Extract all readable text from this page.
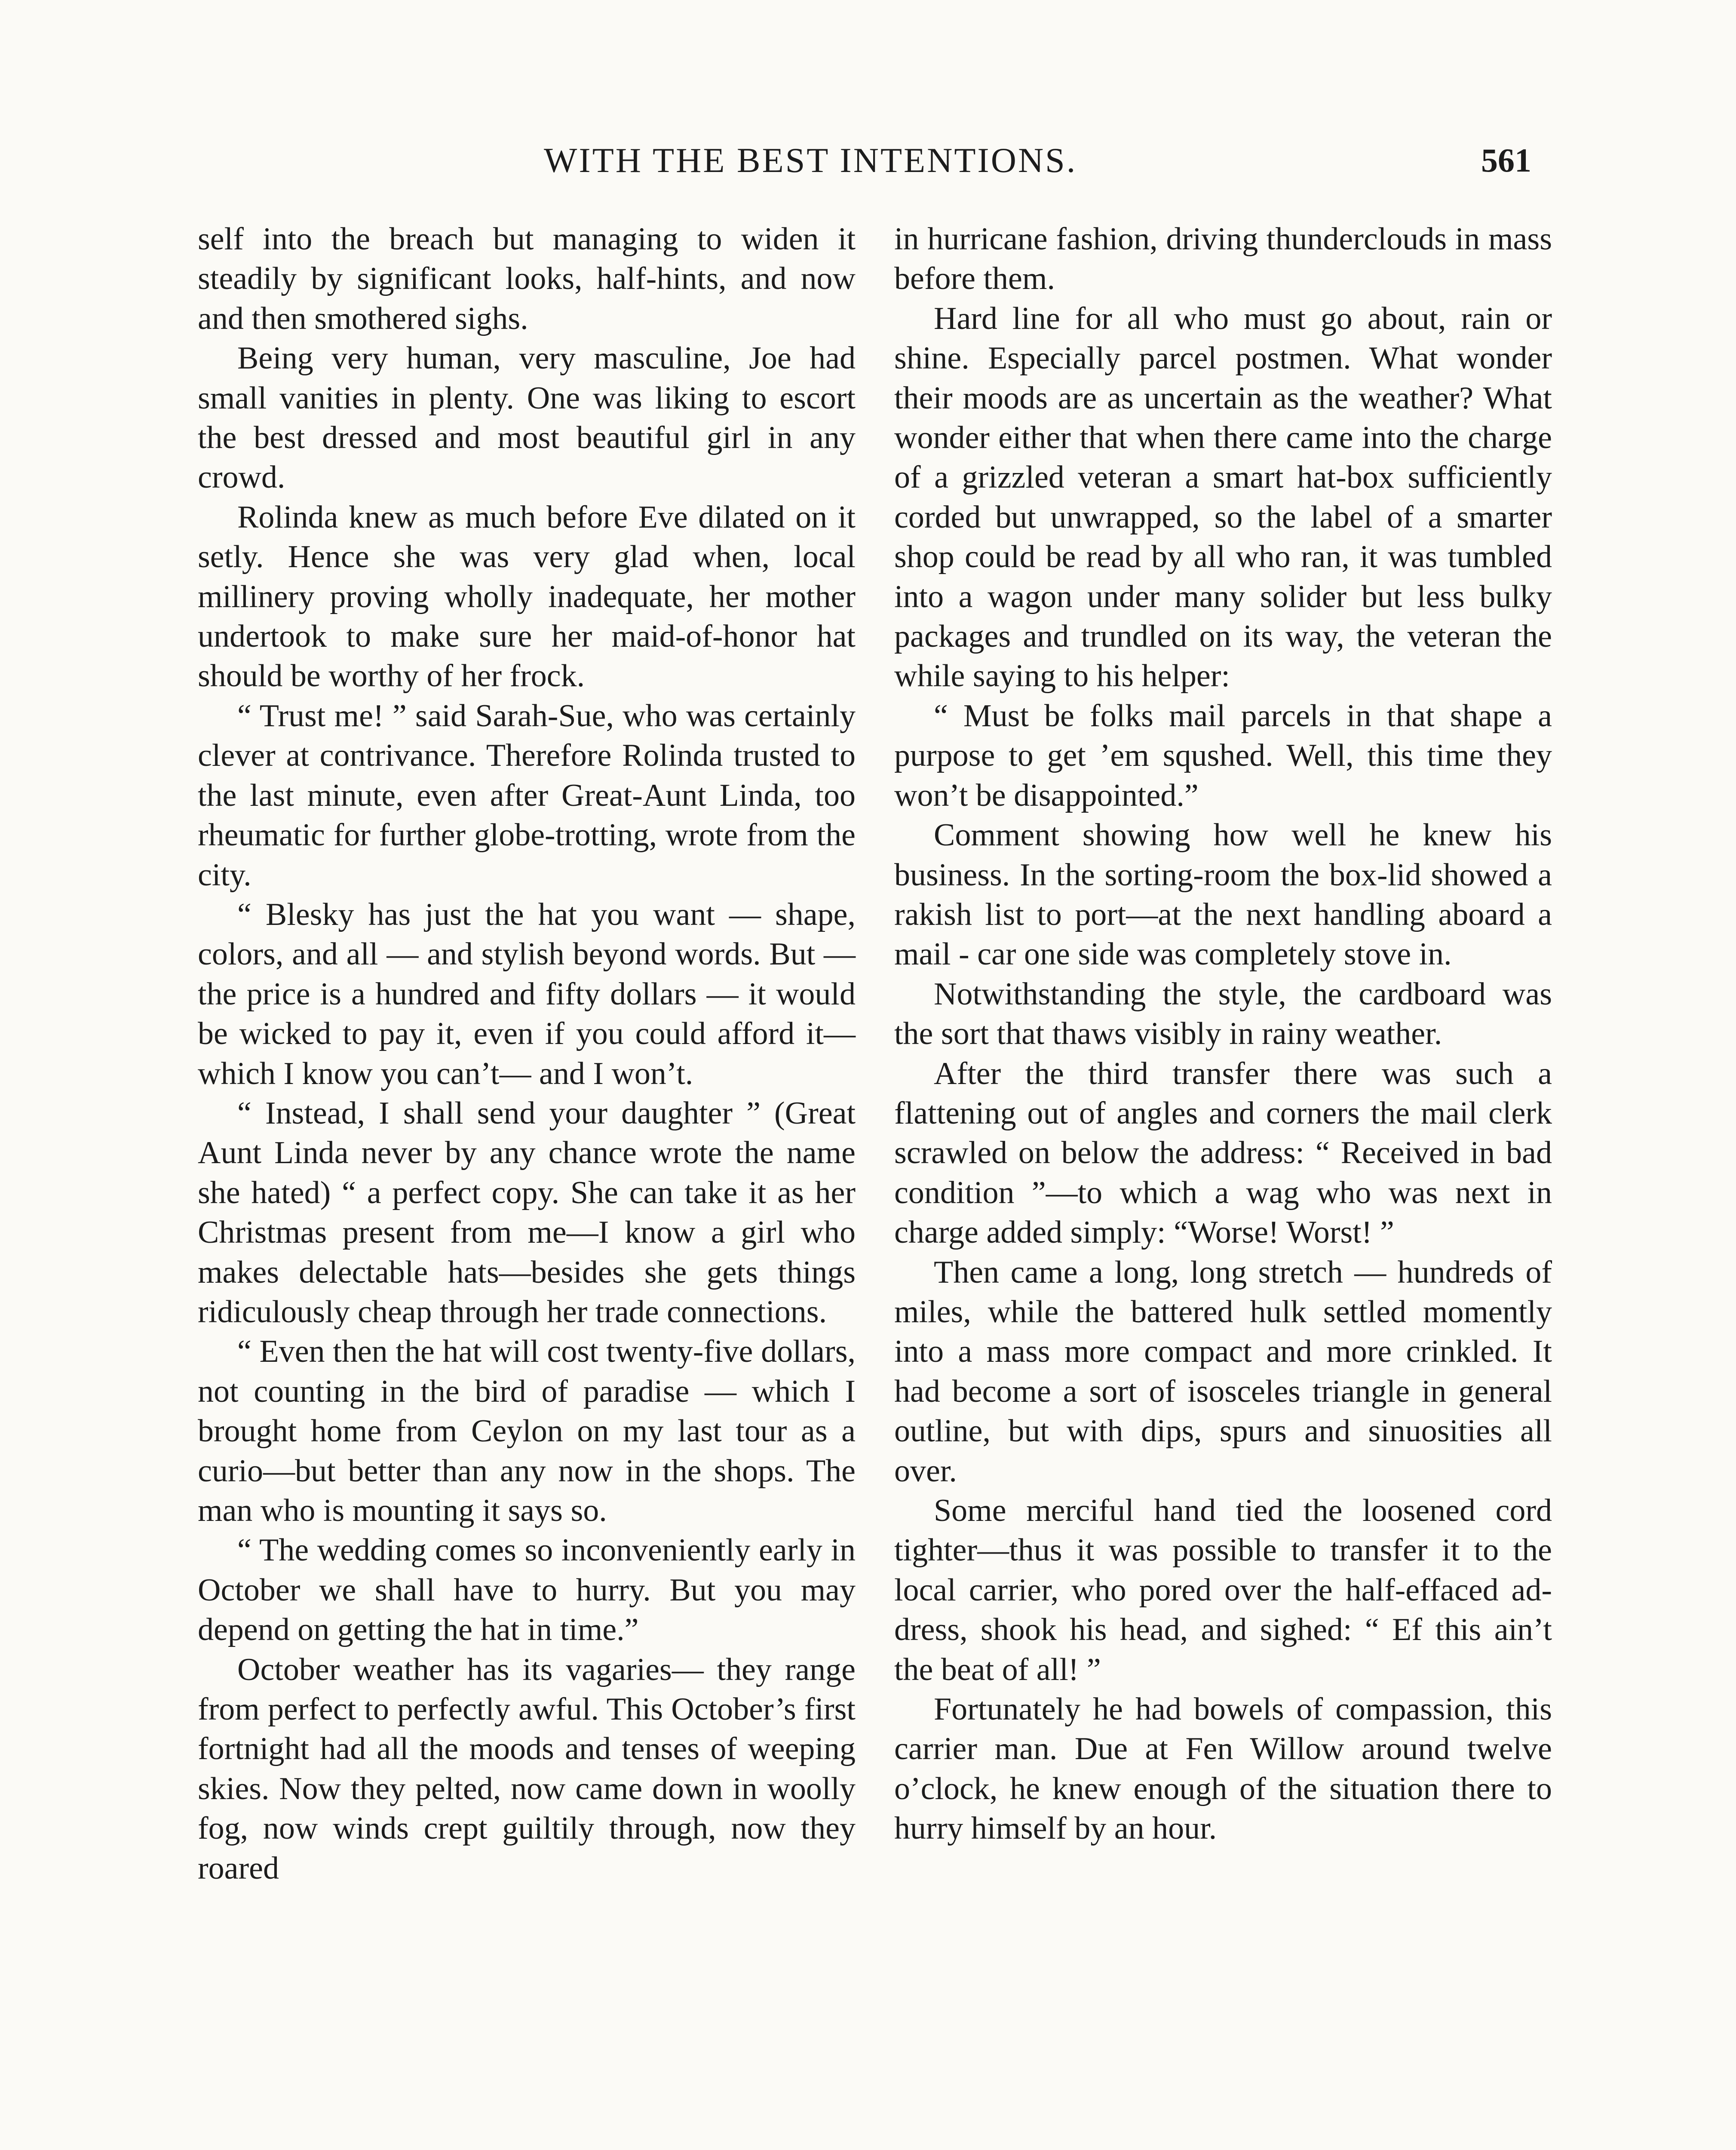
WITH THE BEST INTENTIONS.	561

self into the breach but managing to widen it steadily by significant looks, half-hints, and now and then smothered sighs.

Being very human, very masculine, Joe had small vanities in plenty. One was liking to escort the best dressed and most beautiful girl in any crowd.

Rolinda knew as much before Eve dilated on it setly. Hence she was very glad when, local millinery proving wholly inadequate, her mother undertook to make sure her maid-of-honor hat should be worthy of her frock.

“ Trust me! ” said Sarah-Sue, who was certainly clever at contrivance. Therefore Rolinda trusted to the last minute, even after Great-Aunt Linda, too rheumatic for further globe-trotting, wrote from the city.

“ Blesky has just the hat you want — shape, colors, and all — and stylish beyond words. But — the price is a hundred and fifty dollars — it would be wicked to pay it, even if you could afford it—which I know you can’t— and I won’t.

“ Instead, I shall send your daughter ” (Great Aunt Linda never by any chance wrote the name she hated) “ a perfect copy. She can take it as her Christmas present from me—I know a girl who makes delectable hats—besides she gets things ridiculously cheap through her trade connections.

“ Even then the hat will cost twenty-five dollars, not counting in the bird of paradise — which I brought home from Ceylon on my last tour as a curio—but better than any now in the shops. The man who is mounting it says so.

“ The wedding comes so inconveniently early in October we shall have to hurry. But you may depend on getting the hat in time.”

October weather has its vagaries— they range from perfect to perfectly awful. This October’s first fortnight had all the moods and tenses of weeping skies. Now they pelted, now came down in woolly fog, now winds crept guiltily through, now they roared

in hurricane fashion, driving thunderclouds in mass before them.

Hard line for all who must go about, rain or shine. Especially parcel postmen. What wonder their moods are as uncertain as the weather? What wonder either that when there came into the charge of a grizzled veteran a smart hat-box sufficiently corded but unwrapped, so the label of a smarter shop could be read by all who ran, it was tumbled into a wagon under many solider but less bulky packages and trundled on its way, the veteran the while saying to his helper:

“ Must be folks mail parcels in that shape a purpose to get ’em squshed. Well, this time they won’t be disappointed.”

Comment showing how well he knew his business. In the sorting-room the box-lid showed a rakish list to port—at the next handling aboard a mail - car one side was completely stove in.

Notwithstanding the style, the cardboard was the sort that thaws visibly in rainy weather.

After the third transfer there was such a flattening out of angles and corners the mail clerk scrawled on below the address: “ Received in bad condition ”—to which a wag who was next in charge added simply: “Worse! Worst! ”

Then came a long, long stretch — hundreds of miles, while the battered hulk settled momently into a mass more compact and more crinkled. It had become a sort of isosceles triangle in general outline, but with dips, spurs and sinuosities all over.

Some merciful hand tied the loosened cord tighter—thus it was possible to transfer it to the local carrier, who pored over the half-effaced address, shook his head, and sighed: “ Ef this ain’t the beat of all! ”

Fortunately he had bowels of compassion, this carrier man. Due at Fen Willow around twelve o’clock, he knew enough of the situation there to hurry himself by an hour.
